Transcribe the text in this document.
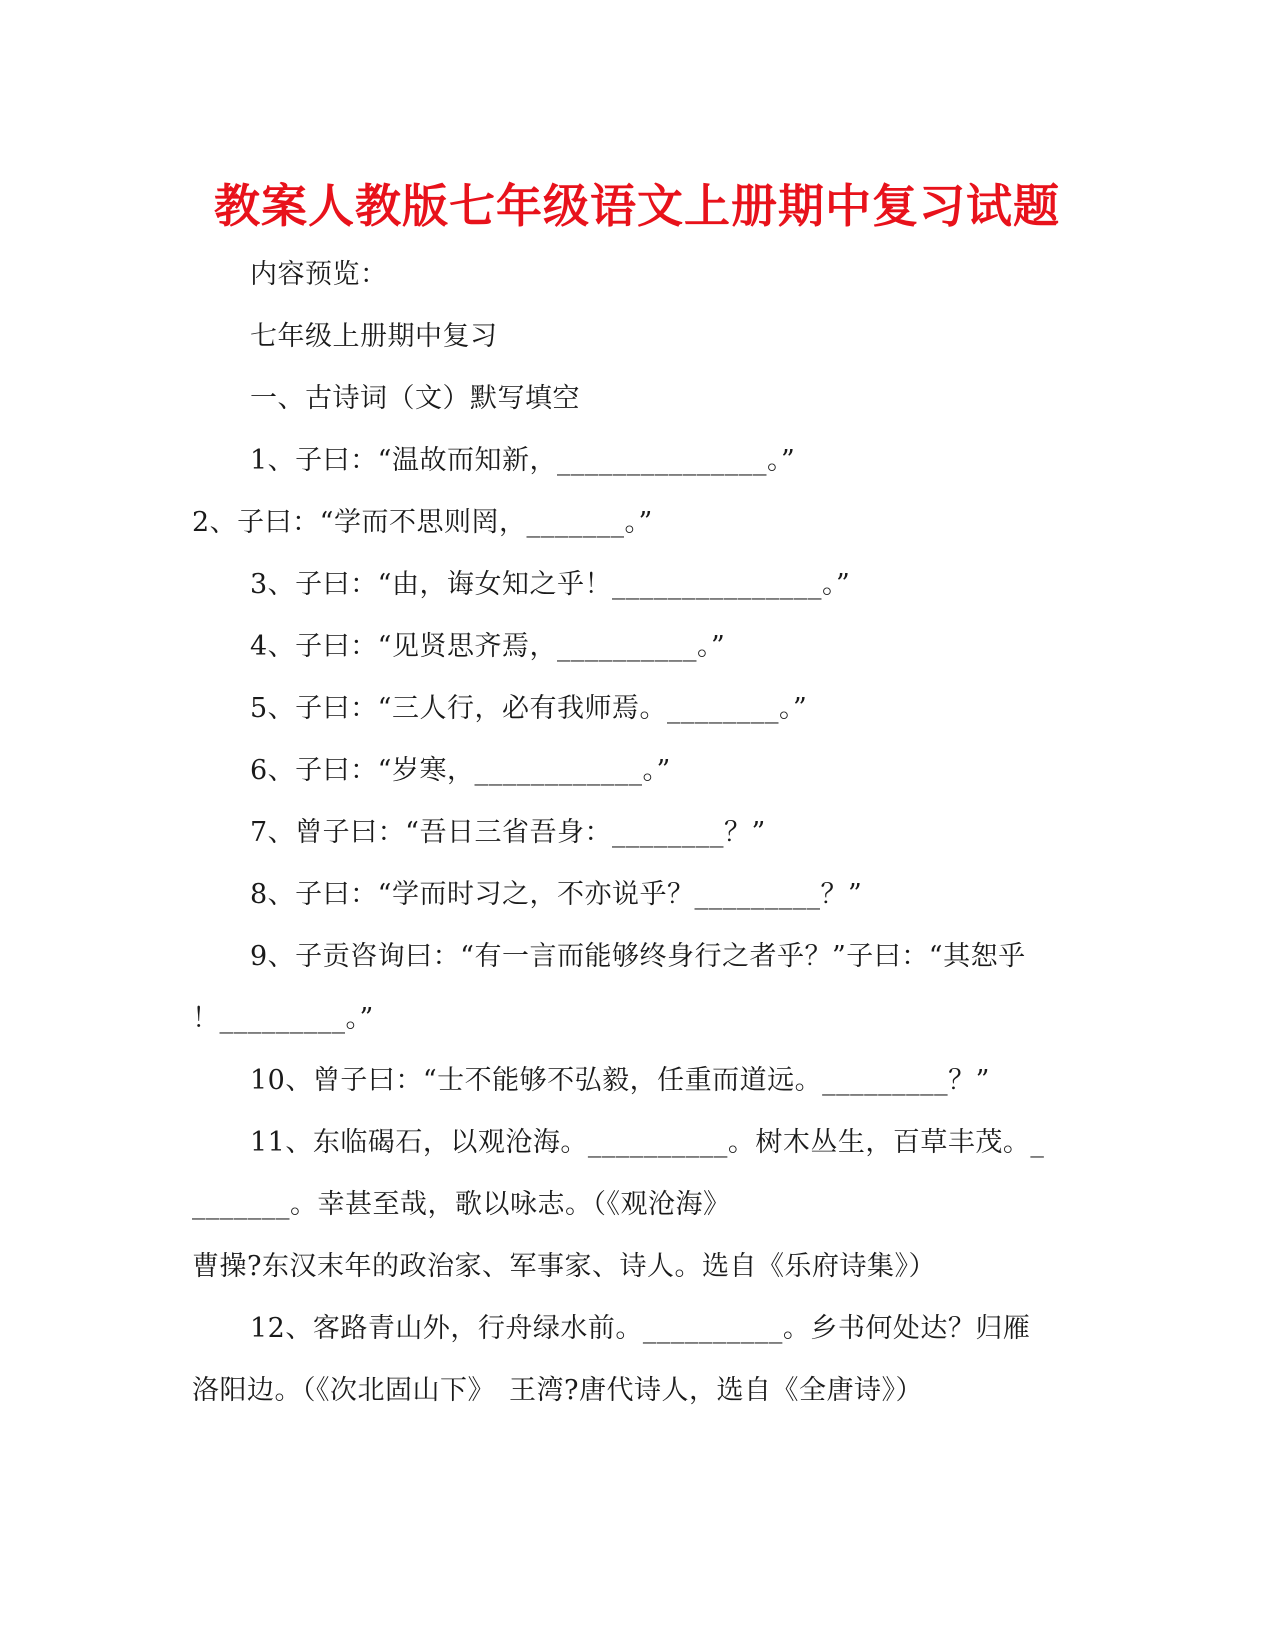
教案人教版七年级语文上册期中复习试题
内容预览：
七年级上册期中复习
一、古诗词（文）默写填空
1、子曰：“温故而知新，_______________。”
2、子曰：“学而不思则罔，_______。”
3、子曰：“由，诲女知之乎！_______________。”
4、子曰：“见贤思齐焉，__________。”
5、子曰：“三人行，必有我师焉。________。”
6、子曰：“岁寒，____________。”
7、曾子曰：“吾日三省吾身：________？”
8、子曰：“学而时习之，不亦说乎？_________？”
9、子贡咨询曰：“有一言而能够终身行之者乎？”子曰：“其恕乎
！_________。”
10、曾子曰：“士不能够不弘毅，任重而道远。_________？”
11、东临碣石，以观沧海。__________。树木丛生，百草丰茂。_
_______。幸甚至哉，歌以咏志。（《观沧海》
曹操?东汉末年的政治家、军事家、诗人。选自《乐府诗集》）
12、客路青山外，行舟绿水前。__________。乡书何处达？归雁
洛阳边。（《次北固山下》　王湾?唐代诗人，选自《全唐诗》）
